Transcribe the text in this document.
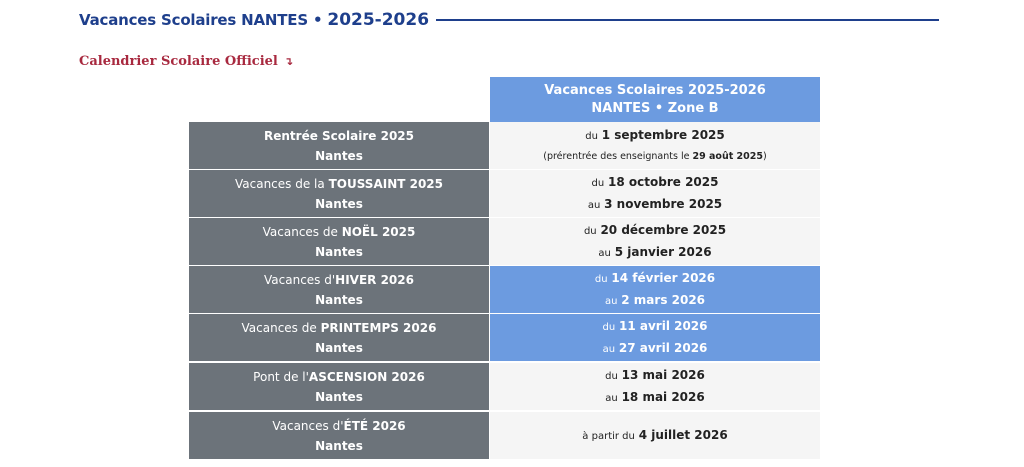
Vacances Scolaires NANTES • 2025-2026
Calendrier Scolaire Officiel ↴
Vacances Scolaires 2025-2026
NANTES • Zone B
Rentrée Scolaire 2025
Nantes
du 1 septembre 2025
(prérentrée des enseignants le 29 août 2025)
Vacances de la TOUSSAINT 2025
Nantes
du 18 octobre 2025
au 3 novembre 2025
Vacances de NOËL 2025
Nantes
du 20 décembre 2025
au 5 janvier 2026
Vacances d'HIVER 2026
Nantes
du 14 février 2026
au 2 mars 2026
Vacances de PRINTEMPS 2026
Nantes
du 11 avril 2026
au 27 avril 2026
Pont de l'ASCENSION 2026
Nantes
du 13 mai 2026
au 18 mai 2026
Vacances d'ÉTÉ 2026
Nantes
à partir du 4 juillet 2026
